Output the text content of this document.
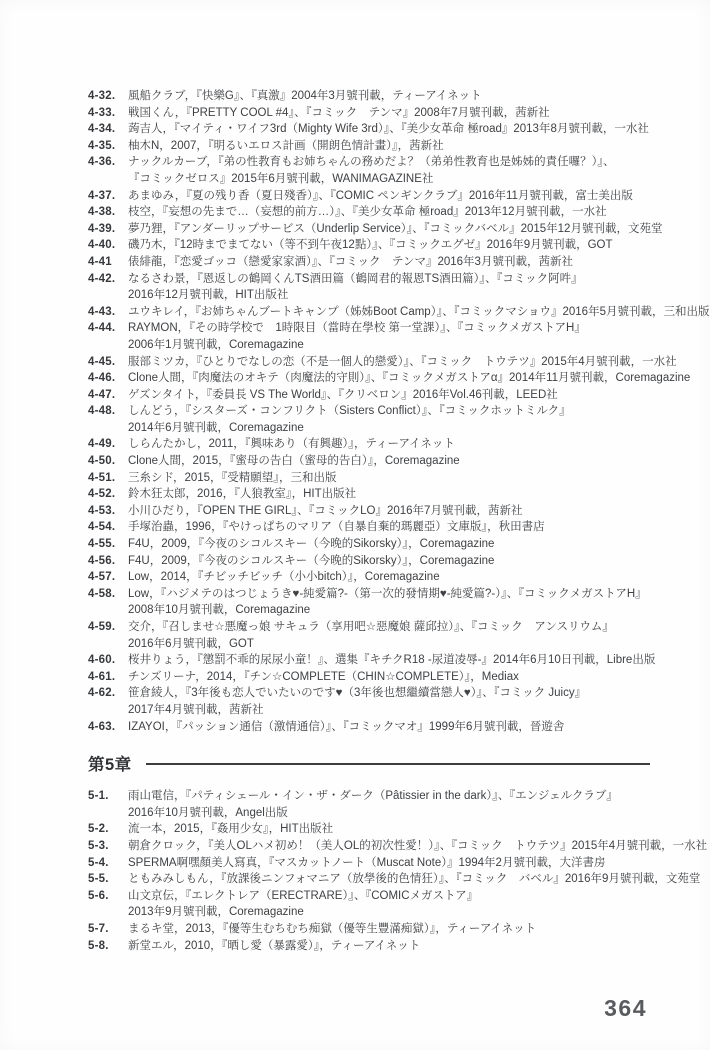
4-32.	風船クラブ，『快樂G』、『真激』2004年3月號刊載，ティーアイネット
4-33.	戦国くん，『PRETTY COOL #4』、『コミック　テンマ』2008年7月號刊載，茜新社
4-34.	蒟吉人，『マイティ・ワイフ3rd（Mighty Wife 3rd）』、『美少女革命 極road』2013年8月號刊載，一水社
4-35.	柚木N，2007，『明るいエロス計画（開朗色情計畫）』，茜新社
4-36.	ナックルカーブ，『弟の性教育もお姉ちゃんの務めだよ？（弟弟性教育也是姊姊的責任囉？）』、
『コミックゼロス』2015年6月號刊載，WANIMAGAZINE社
4-37.	あまゆみ，『夏の残り香（夏日殘香）』、『COMIC ペンギンクラブ』2016年11月號刊載，富士美出版
4-38.	枝空，『妄想の先まで…（妄想的前方…）』、『美少女革命 極road』2013年12月號刊載，一水社
4-39.	夢乃狸，『アンダーリップサービス（Underlip Service）』、『コミックバベル』2015年12月號刊載，文苑堂
4-40.	磯乃木，『12時までまてない（等不到午夜12點）』、『コミックエグゼ』2016年9月號刊載，GOT
4-41	俵緋龍，『恋愛ゴッコ（戀愛家家酒）』、『コミック　テンマ』2016年3月號刊載，茜新社
4-42.	なるさわ景，『恩返しの鶴岡くんTS酒田篇（鶴岡君的報恩TS酒田篇）』、『コミック阿吽』
2016年12月號刊載，HIT出版社
4-43.	ユウキレイ，『お姉ちゃんブートキャンプ（姊姊Boot Camp）』、『コミックマショウ』2016年5月號刊載，三和出版
4-44.	RAYMON，『その時学校で　1時限目（當時在學校 第一堂課）』、『コミックメガストアH』
2006年1月號刊載，Coremagazine
4-45.	服部ミツカ，『ひとりでなしの恋（不是一個人的戀愛）』、『コミック　トウテツ』2015年4月號刊載，一水社
4-46.	Clone人間，『肉魔法のオキテ（肉魔法的守則）』、『コミックメガストアα』2014年11月號刊載，Coremagazine
4-47.	ゲズンタイト，『委員長 VS The World』、『クリベロン』2016年Vol.46刊載，LEED社
4-48.	しんどう，『シスターズ・コンフリクト（Sisters Conflict）』、『コミックホットミルク』
2014年6月號刊載，Coremagazine
4-49.	しらんたかし，2011，『興味あり（有興趣）』，ティーアイネット
4-50.	Clone人間，2015，『蜜母の告白（蜜母的告白）』，Coremagazine
4-51.	三糸シド，2015，『受精願望』，三和出版
4-52.	鈴木狂太郎，2016，『人狼教室』，HIT出版社
4-53.	小川ひだり，『OPEN THE GIRL』、『コミックLO』2016年7月號刊載，茜新社
4-54.	手塚治蟲，1996，『やけっぱちのマリア（自暴自棄的瑪麗亞）文庫版』，秋田書店
4-55.	F4U，2009，『今夜のシコルスキー（今晚的Sikorsky）』，Coremagazine
4-56.	F4U，2009，『今夜のシコルスキー（今晚的Sikorsky）』，Coremagazine
4-57.	Low，2014，『チビッチビッチ（小小bitch）』，Coremagazine
4-58.	Low，『ハジメテのはつじょうき♥-純愛篇?-（第一次的發情期♥-純愛篇?-）』、『コミックメガストアH』
2008年10月號刊載，Coremagazine
4-59.	交介，『召しませ☆悪魔っ娘 サキュラ（享用吧☆惡魔娘 薩邱拉）』、『コミック　アンスリウム』
2016年6月號刊載，GOT
4-60.	桜井りょう，『懲罰不乖的尿尿小童！』、選集『キチクR18 -尿道凌辱-』2014年6月10日刊載，Libre出版
4-61.	チンズリーナ，2014，『チン☆COMPLETE（CHIN☆COMPLETE）』，Mediax
4-62.	笹倉綾人，『3年後も恋人でいたいのです♥（3年後也想繼續當戀人♥）』、『コミック Juicy』
2017年4月號刊載，茜新社
4-63.	IZAYOI，『パッション通信（激情通信）』、『コミックマオ』1999年6月號刊載，晉遊舎
第5章
5-1.	雨山電信，『パティシェール・イン・ザ・ダーク（Pâtissier in the dark）』、『エンジェルクラブ』
2016年10月號刊載，Angel出版
5-2.	流一本，2015，『姦用少女』，HIT出版社
5-3.	朝倉クロック，『美人OLハメ初め！（美人OL的初次性愛！）』、『コミック　トウテツ』2015年4月號刊載，一水社
5-4.	SPERMA啊嘿顏美人寫真，『マスカットノート（Muscat Note）』1994年2月號刊載，大洋書房
5-5.	ともみみしもん，『放課後ニンフォマニア（放學後的色情狂）』、『コミック　バベル』2016年9月號刊載，文苑堂
5-6.	山文京伝，『エレクトレア（ERECTRARE）』、『COMICメガストア』
2013年9月號刊載，Coremagazine
5-7.	まるキ堂，2013，『優等生むちむち痴獄（優等生豐滿痴獄）』，ティーアイネット
5-8.	新堂エル，2010，『晒し愛（暴露愛）』，ティーアイネット
364
